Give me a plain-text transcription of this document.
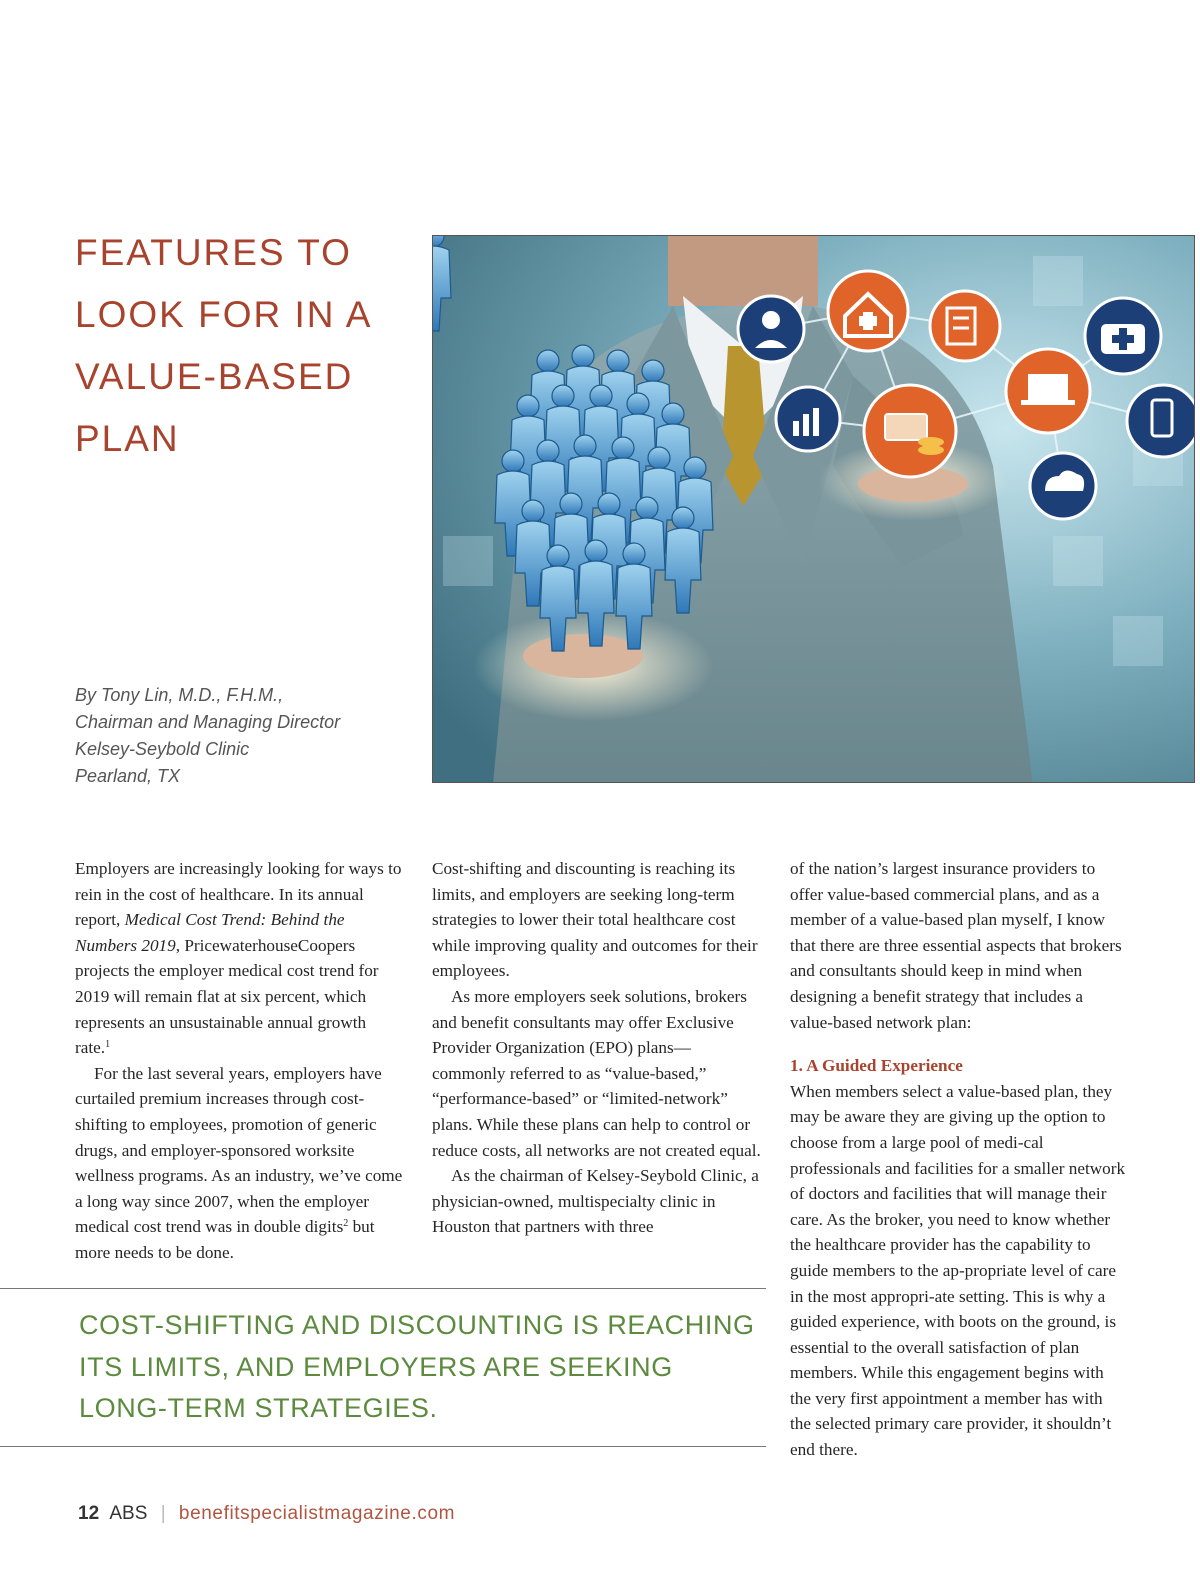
FEATURES TO
LOOK FOR IN A
VALUE-BASED
PLAN
By Tony Lin, M.D., F.H.M.,
Chairman and Managing Director
Kelsey-Seybold Clinic
Pearland, TX

Employers are increasingly looking for ways to rein in the cost of healthcare. In its annual report, Medical Cost Trend: Behind the Numbers 2019, PricewaterhouseCoopers projects the employer medical cost trend for 2019 will remain flat at six percent, which represents an unsustainable annual growth rate.$^1$

For the last several years, employers have curtailed premium increases through cost-shifting to employees, promotion of generic drugs, and employer-sponsored worksite wellness programs. As an industry, we’ve come a long way since 2007, when the employer medical cost trend was in double digits$^2$ but more needs to be done.

Cost-shifting and discounting is reaching its limits, and employers are seeking long-term strategies to lower their total healthcare cost while improving quality and outcomes for their employees.

As more employers seek solutions, brokers and benefit consultants may offer Exclusive Provider Organization (EPO) plans—commonly referred to as “value-based,” “performance-based” or “limited-network” plans. While these plans can help to control or reduce costs, all networks are not created equal.

As the chairman of Kelsey-Seybold Clinic, a physician-owned, multispecialty clinic in Houston that partners with three

of the nation’s largest insurance providers to offer value-based commercial plans, and as a member of a value-based plan myself, I know that there are three essential aspects that brokers and consultants should keep in mind when designing a benefit strategy that includes a value-based network plan:

1. A Guided Experience

When members select a value-based plan, they may be aware they are giving up the option to choose from a large pool of medi-cal professionals and facilities for a smaller network of doctors and facilities that will manage their care. As the broker, you need to know whether the healthcare provider has the capability to guide members to the ap-propriate level of care in the most appropri-ate setting. This is why a guided experience, with boots on the ground, is essential to the overall satisfaction of plan members. While this engagement begins with the very first appointment a member has with the selected primary care provider, it shouldn’t end there.

COST-SHIFTING AND DISCOUNTING IS REACHING
ITS LIMITS, AND EMPLOYERS ARE SEEKING
LONG-TERM STRATEGIES.
12 ABS | benefitspecialistmagazine.com
